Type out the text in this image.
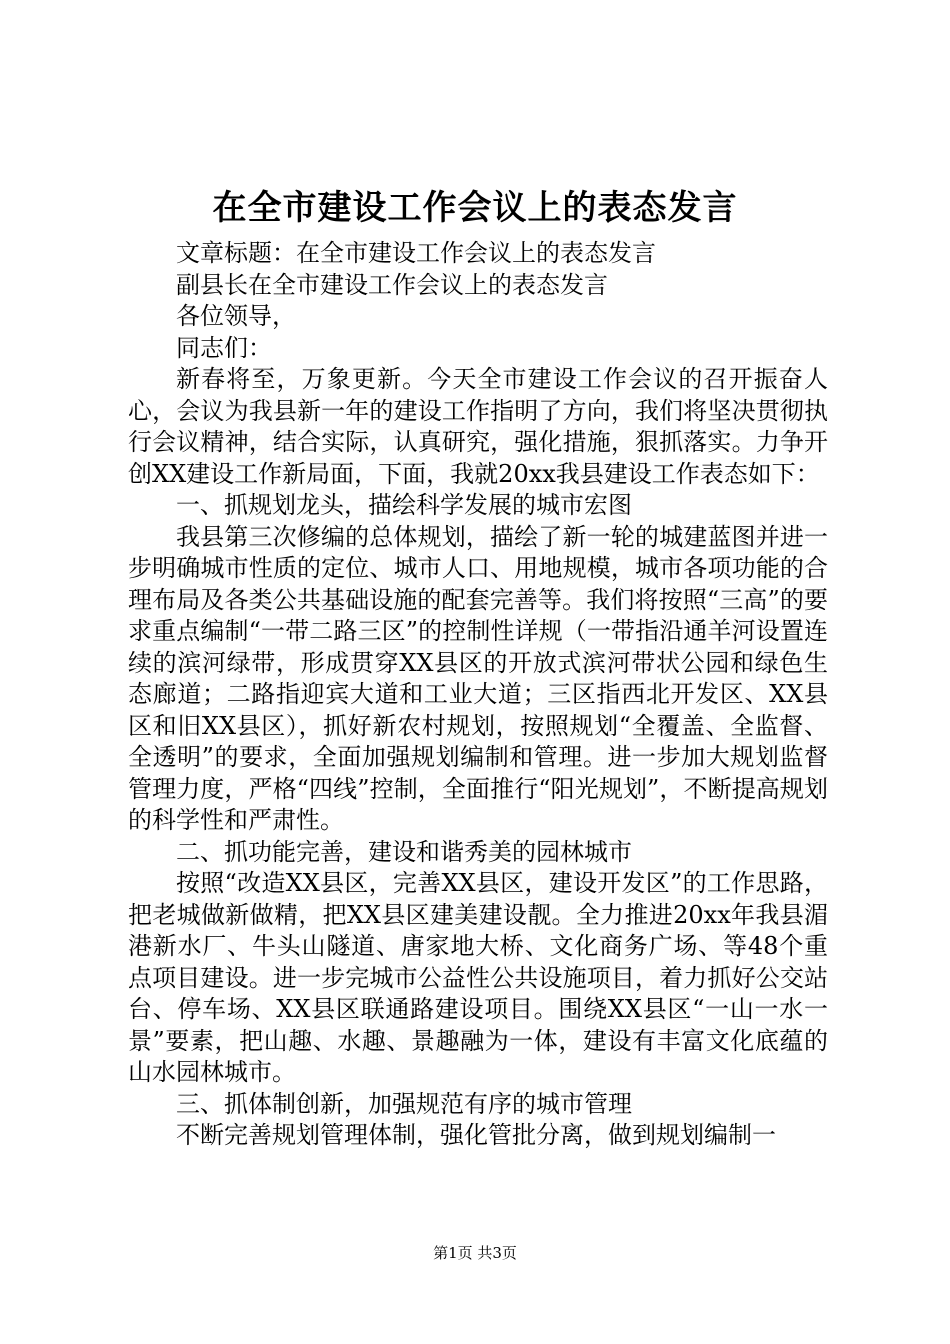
在全市建设工作会议上的表态发言

文章标题：在全市建设工作会议上的表态发言

副县长在全市建设工作会议上的表态发言

各位领导，

同志们：

新春将至，万象更新。今天全市建设工作会议的召开振奋人心，会议为我县新一年的建设工作指明了方向，我们将坚决贯彻执行会议精神，结合实际，认真研究，强化措施，狠抓落实。力争开创XX建设工作新局面，下面，我就20xx我县建设工作表态如下：

一、抓规划龙头，描绘科学发展的城市宏图

我县第三次修编的总体规划，描绘了新一轮的城建蓝图并进一步明确城市性质的定位、城市人口、用地规模，城市各项功能的合理布局及各类公共基础设施的配套完善等。我们将按照“三高”的要求重点编制“一带二路三区”的控制性详规（一带指沿通羊河设置连续的滨河绿带，形成贯穿XX县区的开放式滨河带状公园和绿色生态廊道；二路指迎宾大道和工业大道；三区指西北开发区、XX县区和旧XX县区），抓好新农村规划，按照规划“全覆盖、全监督、全透明”的要求，全面加强规划编制和管理。进一步加大规划监督管理力度，严格“四线”控制，全面推行“阳光规划”，不断提高规划的科学性和严肃性。

二、抓功能完善，建设和谐秀美的园林城市

按照“改造XX县区，完善XX县区，建设开发区”的工作思路，把老城做新做精，把XX县区建美建设靓。全力推进20xx年我县湄港新水厂、牛头山隧道、唐家地大桥、文化商务广场、等48个重点项目建设。进一步完城市公益性公共设施项目，着力抓好公交站台、停车场、XX县区联通路建设项目。围绕XX县区“一山一水一景”要素，把山趣、水趣、景趣融为一体，建设有丰富文化底蕴的山水园林城市。

三、抓体制创新，加强规范有序的城市管理

不断完善规划管理体制，强化管批分离，做到规划编制一

第1页 共3页
